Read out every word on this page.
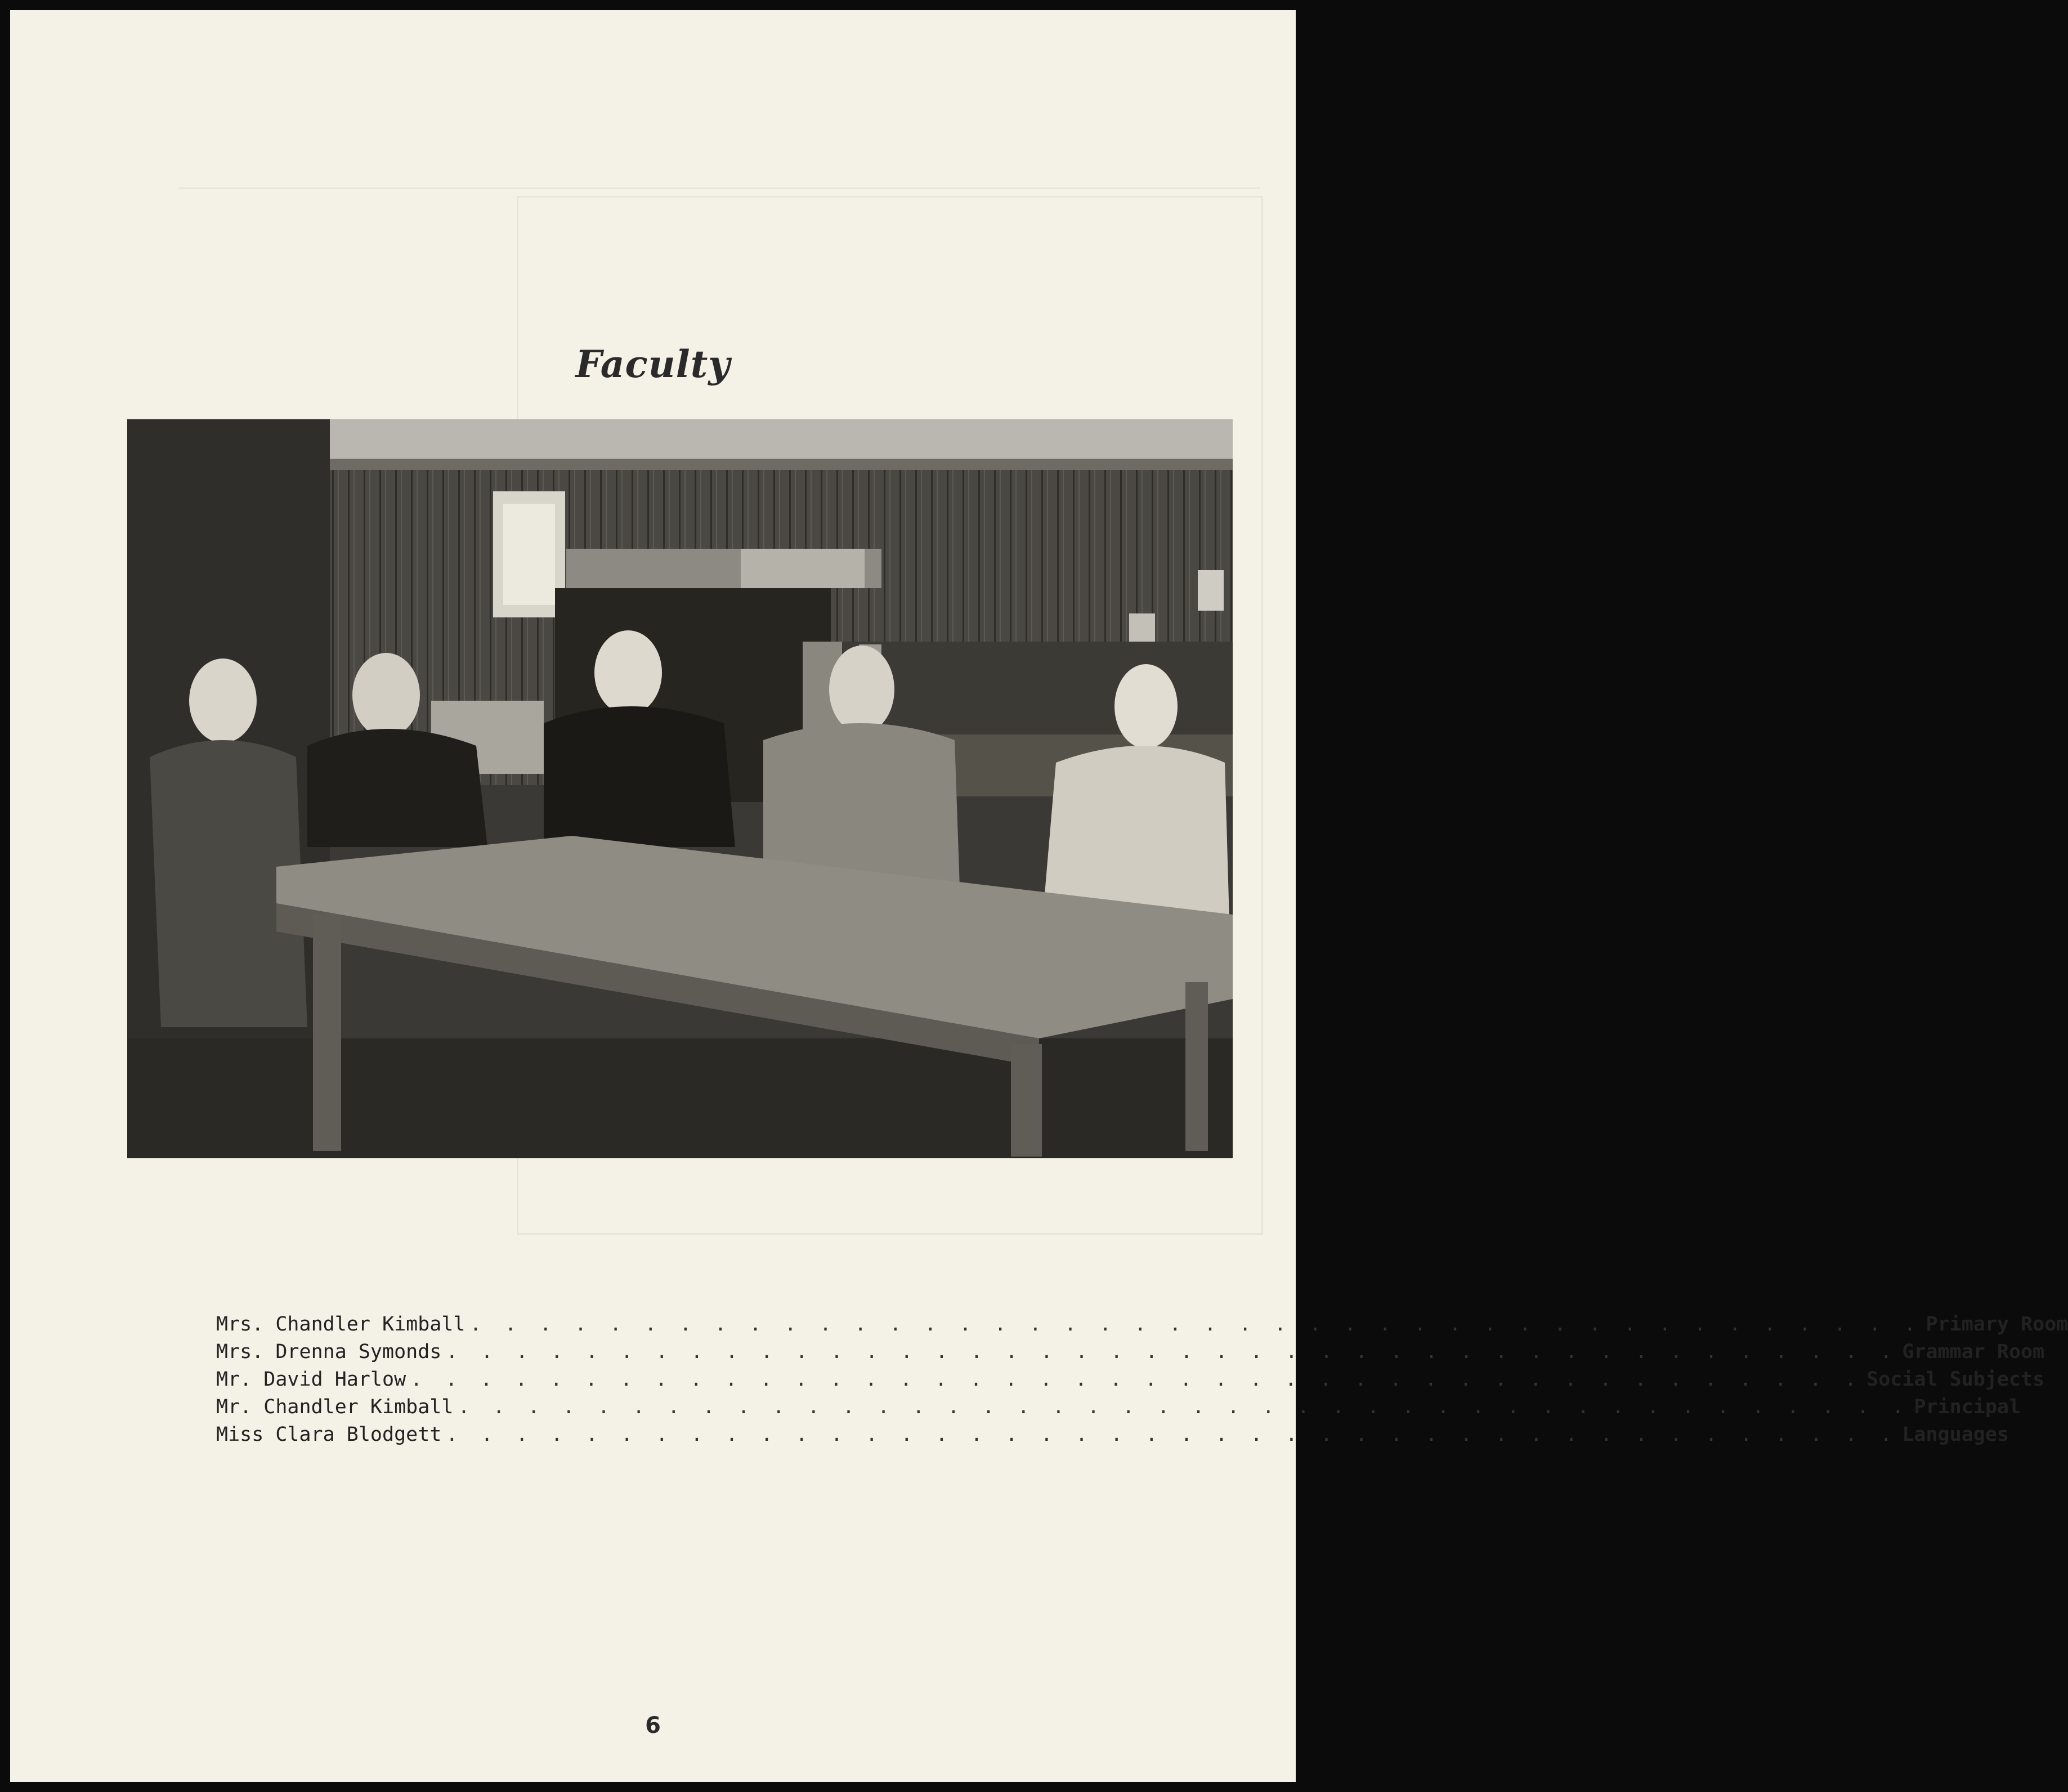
Faculty
Mrs. Chandler Kimball . . . . . . . . . . . . . . . . . . . . . . . . . . . . . . . . . . . . . . . . . . Primary Room
Mrs. Drenna Symonds . . . . . . . . . . . . . . . . . . . . . . . . . . . . . . . . . . . . . . . . . . Grammar Room
Mr. David Harlow . . . . . . . . . . . . . . . . . . . . . . . . . . . . . . . . . . . . . . . . . . Social Subjects
Mr. Chandler Kimball . . . . . . . . . . . . . . . . . . . . . . . . . . . . . . . . . . . . . . . . . . Principal
Miss Clara Blodgett . . . . . . . . . . . . . . . . . . . . . . . . . . . . . . . . . . . . . . . . . . Languages
6
